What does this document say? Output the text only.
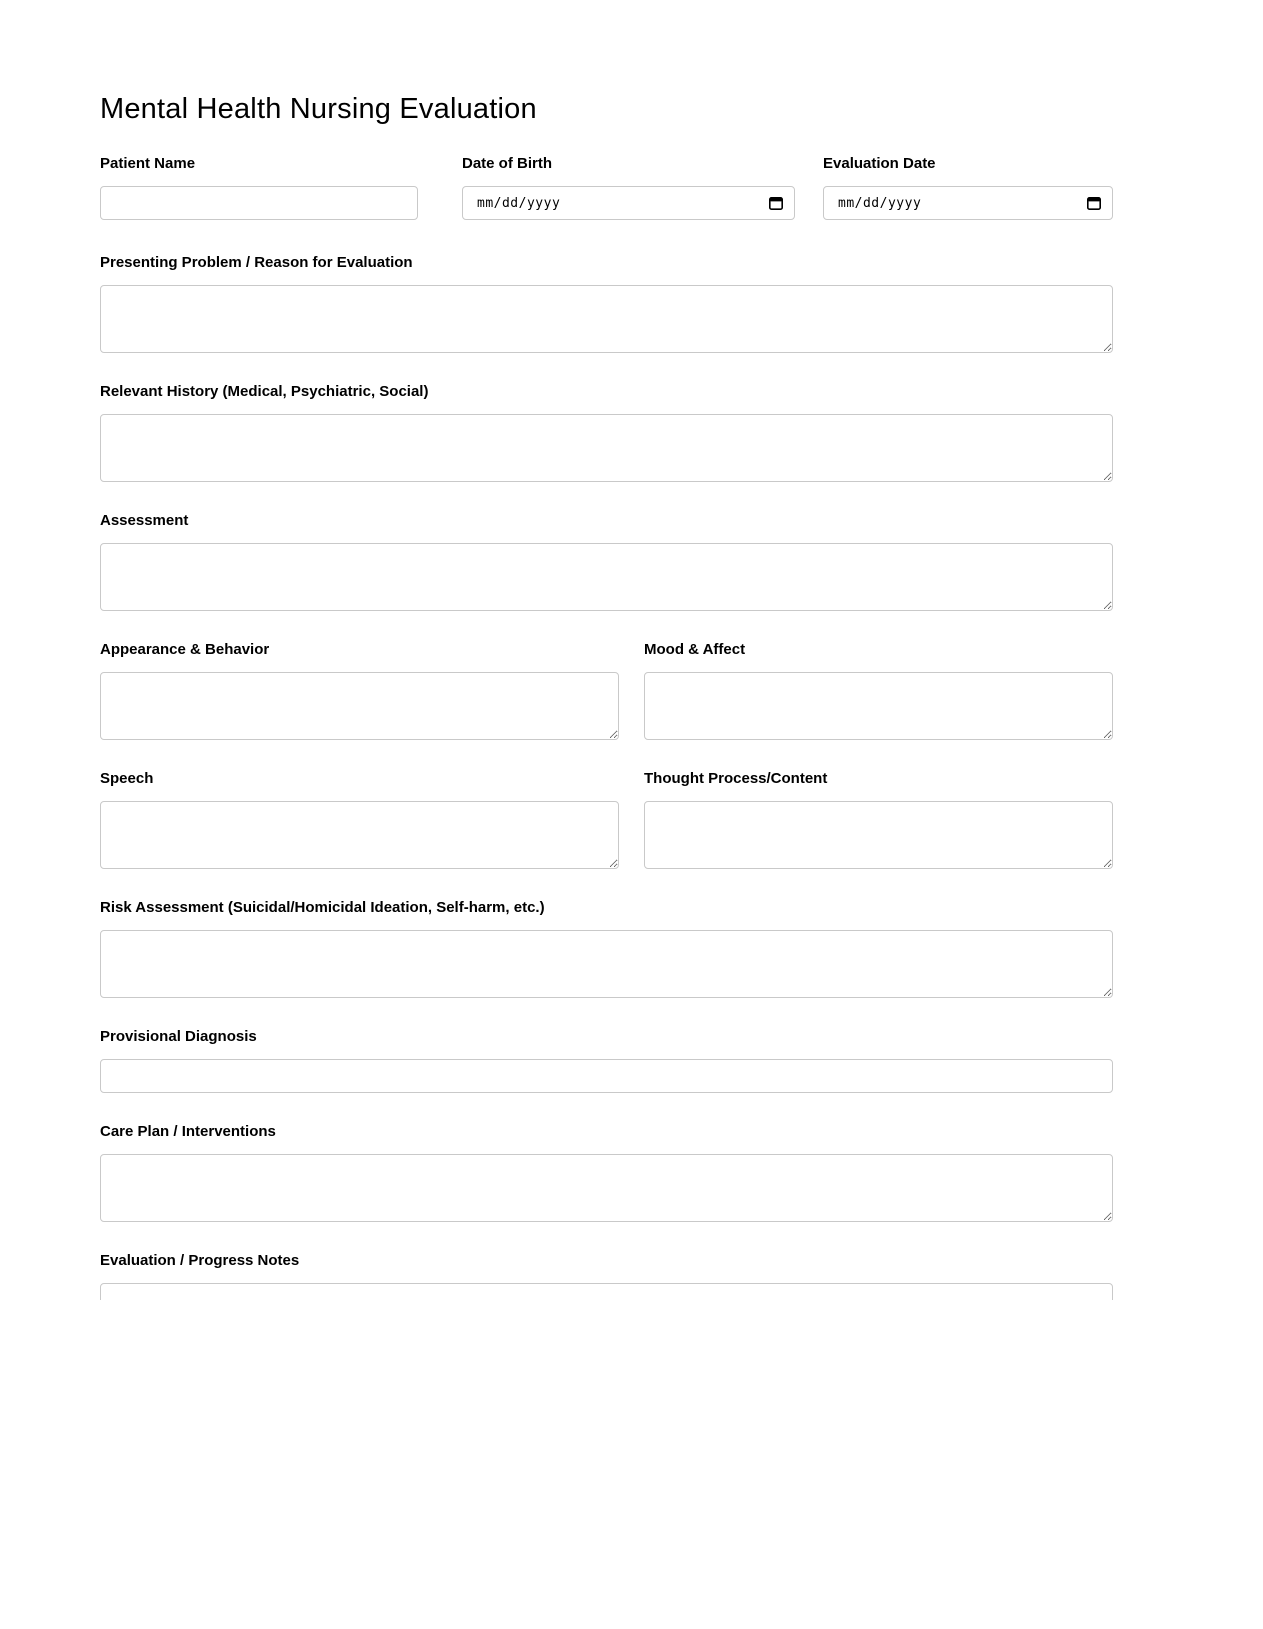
Mental Health Nursing Evaluation
Patient Name	Date of Birth
mm/dd/yyyy
Evaluation Date
mm/dd/yyyy
Presenting Problem / Reason for Evaluation
Relevant History (Medical, Psychiatric, Social)
Assessment
Appearance & Behavior	Mood & Affect
Speech	Thought Process/Content
Risk Assessment (Suicidal/Homicidal Ideation, Self-harm, etc.)
Provisional Diagnosis
Care Plan / Interventions
Evaluation / Progress Notes
